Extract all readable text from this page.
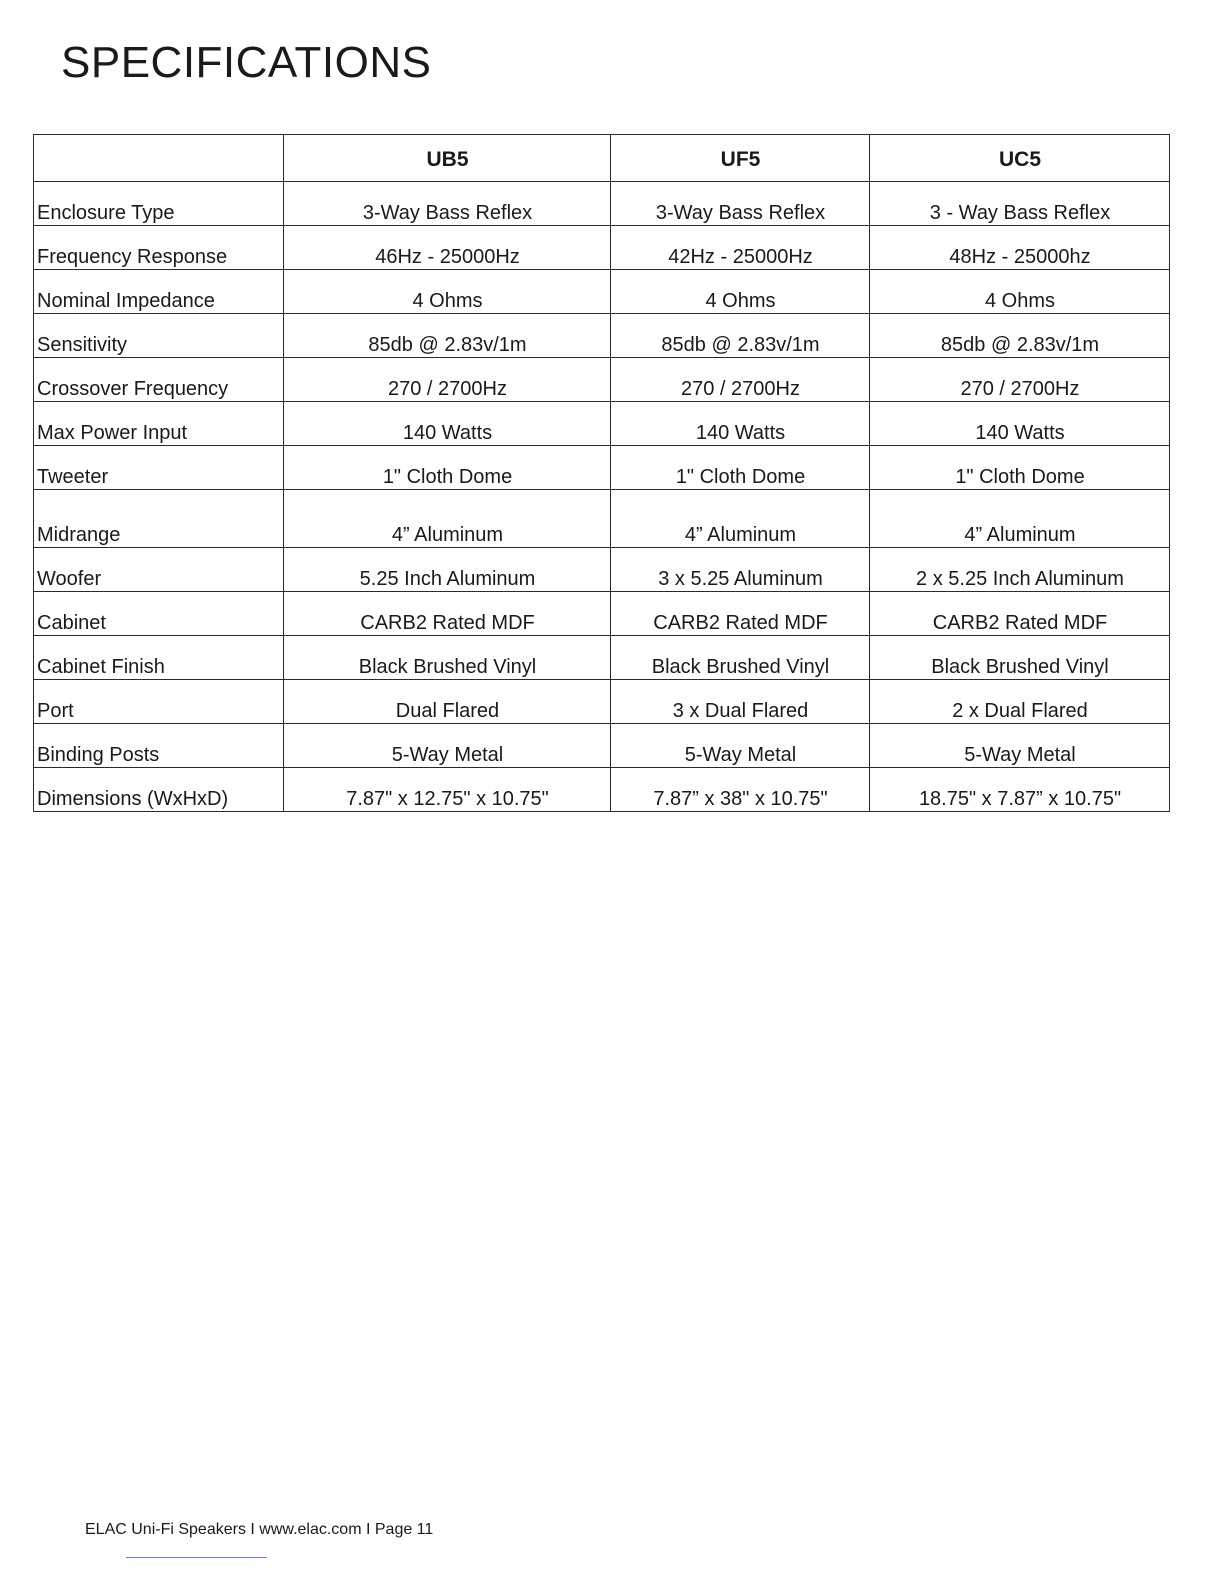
SPECIFICATIONS
	UB5	UF5	UC5
Enclosure Type	3-Way Bass Reflex	3-Way Bass Reflex	3 - Way Bass Reflex
Frequency Response	46Hz - 25000Hz	42Hz - 25000Hz	48Hz - 25000hz
Nominal Impedance	4 Ohms	4 Ohms	4 Ohms
Sensitivity	85db @ 2.83v/1m	85db @ 2.83v/1m	85db @ 2.83v/1m
Crossover Frequency	270 / 2700Hz	270 / 2700Hz	270 / 2700Hz
Max Power Input	140 Watts	140 Watts	140 Watts
Tweeter	1" Cloth Dome	1" Cloth Dome	1" Cloth Dome
Midrange	4” Aluminum	4” Aluminum	4” Aluminum
Woofer	5.25 Inch Aluminum	3 x 5.25 Aluminum	2 x 5.25 Inch Aluminum
Cabinet	CARB2 Rated MDF	CARB2 Rated MDF	CARB2 Rated MDF
Cabinet Finish	Black Brushed Vinyl	Black Brushed Vinyl	Black Brushed Vinyl
Port	Dual Flared	3 x Dual Flared	2 x Dual Flared
Binding Posts	5-Way Metal	5-Way Metal	5-Way Metal
Dimensions (WxHxD)	7.87" x 12.75" x 10.75"	7.87” x 38" x 10.75"	18.75" x 7.87” x 10.75"
ELAC Uni-Fi Speakers I www.elac.com I Page 11
